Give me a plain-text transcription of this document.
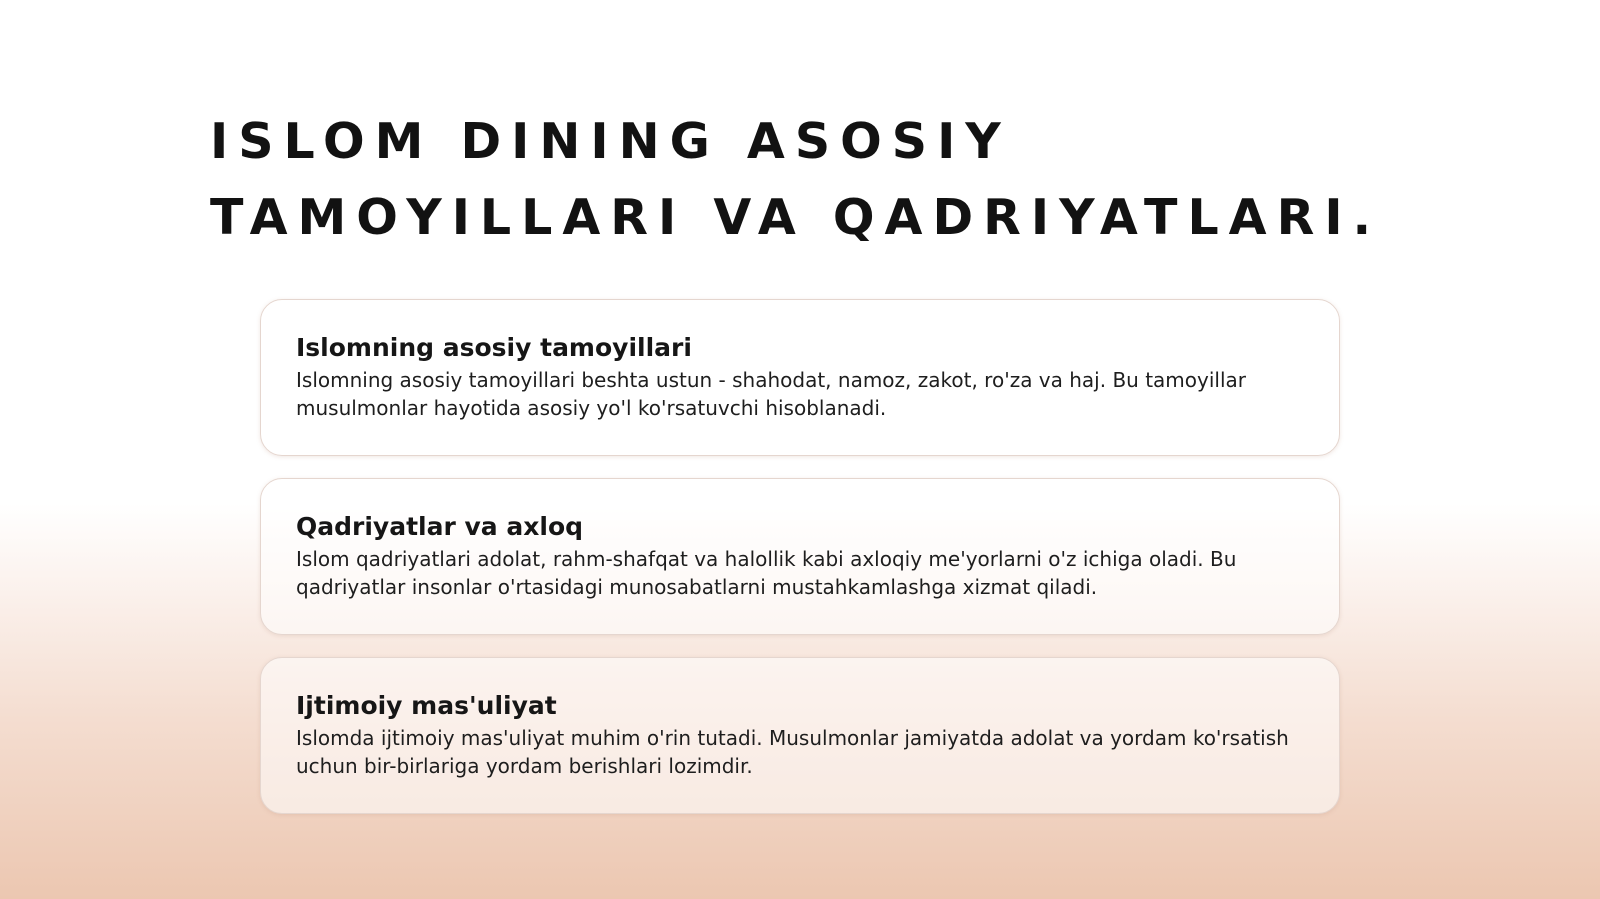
ISLOM DINING ASOSIY
TAMOYILLARI VA QADRIYATLARI.
Islomning asosiy tamoyillari
Islomning asosiy tamoyillari beshta ustun - shahodat, namoz, zakot, ro'za va haj. Bu tamoyillar musulmonlar hayotida asosiy yo'l ko'rsatuvchi hisoblanadi.
Qadriyatlar va axloq
Islom qadriyatlari adolat, rahm-shafqat va halollik kabi axloqiy me'yorlarni o'z ichiga oladi. Bu qadriyatlar insonlar o'rtasidagi munosabatlarni mustahkamlashga xizmat qiladi.
Ijtimoiy mas'uliyat
Islomda ijtimoiy mas'uliyat muhim o'rin tutadi. Musulmonlar jamiyatda adolat va yordam ko'rsatish uchun bir-birlariga yordam berishlari lozimdir.
